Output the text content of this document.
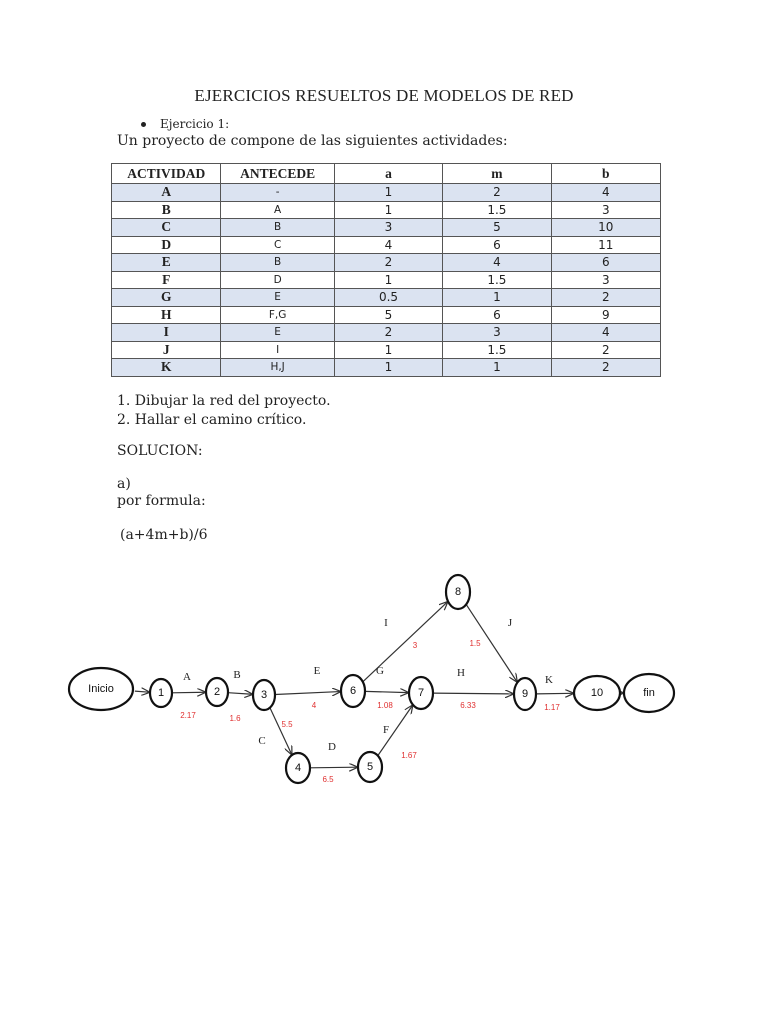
EJERCICIOS RESUELTOS DE MODELOS DE RED
Ejercicio 1:
Un proyecto de compone de las siguientes actividades:
ACTIVIDAD	ANTECEDE	a	m	b
A	-	1	2	4
B	A	1	1.5	3
C	B	3	5	10
D	C	4	6	11
E	B	2	4	6
F	D	1	1.5	3
G	E	0.5	1	2
H	F,G	5	6	9
I	E	2	3	4
J	I	1	1.5	2
K	H,J	1	1	2
1. Dibujar la red del proyecto.
2. Hallar el camino crítico.
SOLUCION:
a)
por formula:
(a+4m+b)/6
A
2.17
B
1.6
C
5.5
D
6.5
E
4
F
1.67
G
1.08
H
6.33
I
3
J
1.5
K
1.17
Inicio	1	2	3
4	5
6	7
8
9	10	fin
